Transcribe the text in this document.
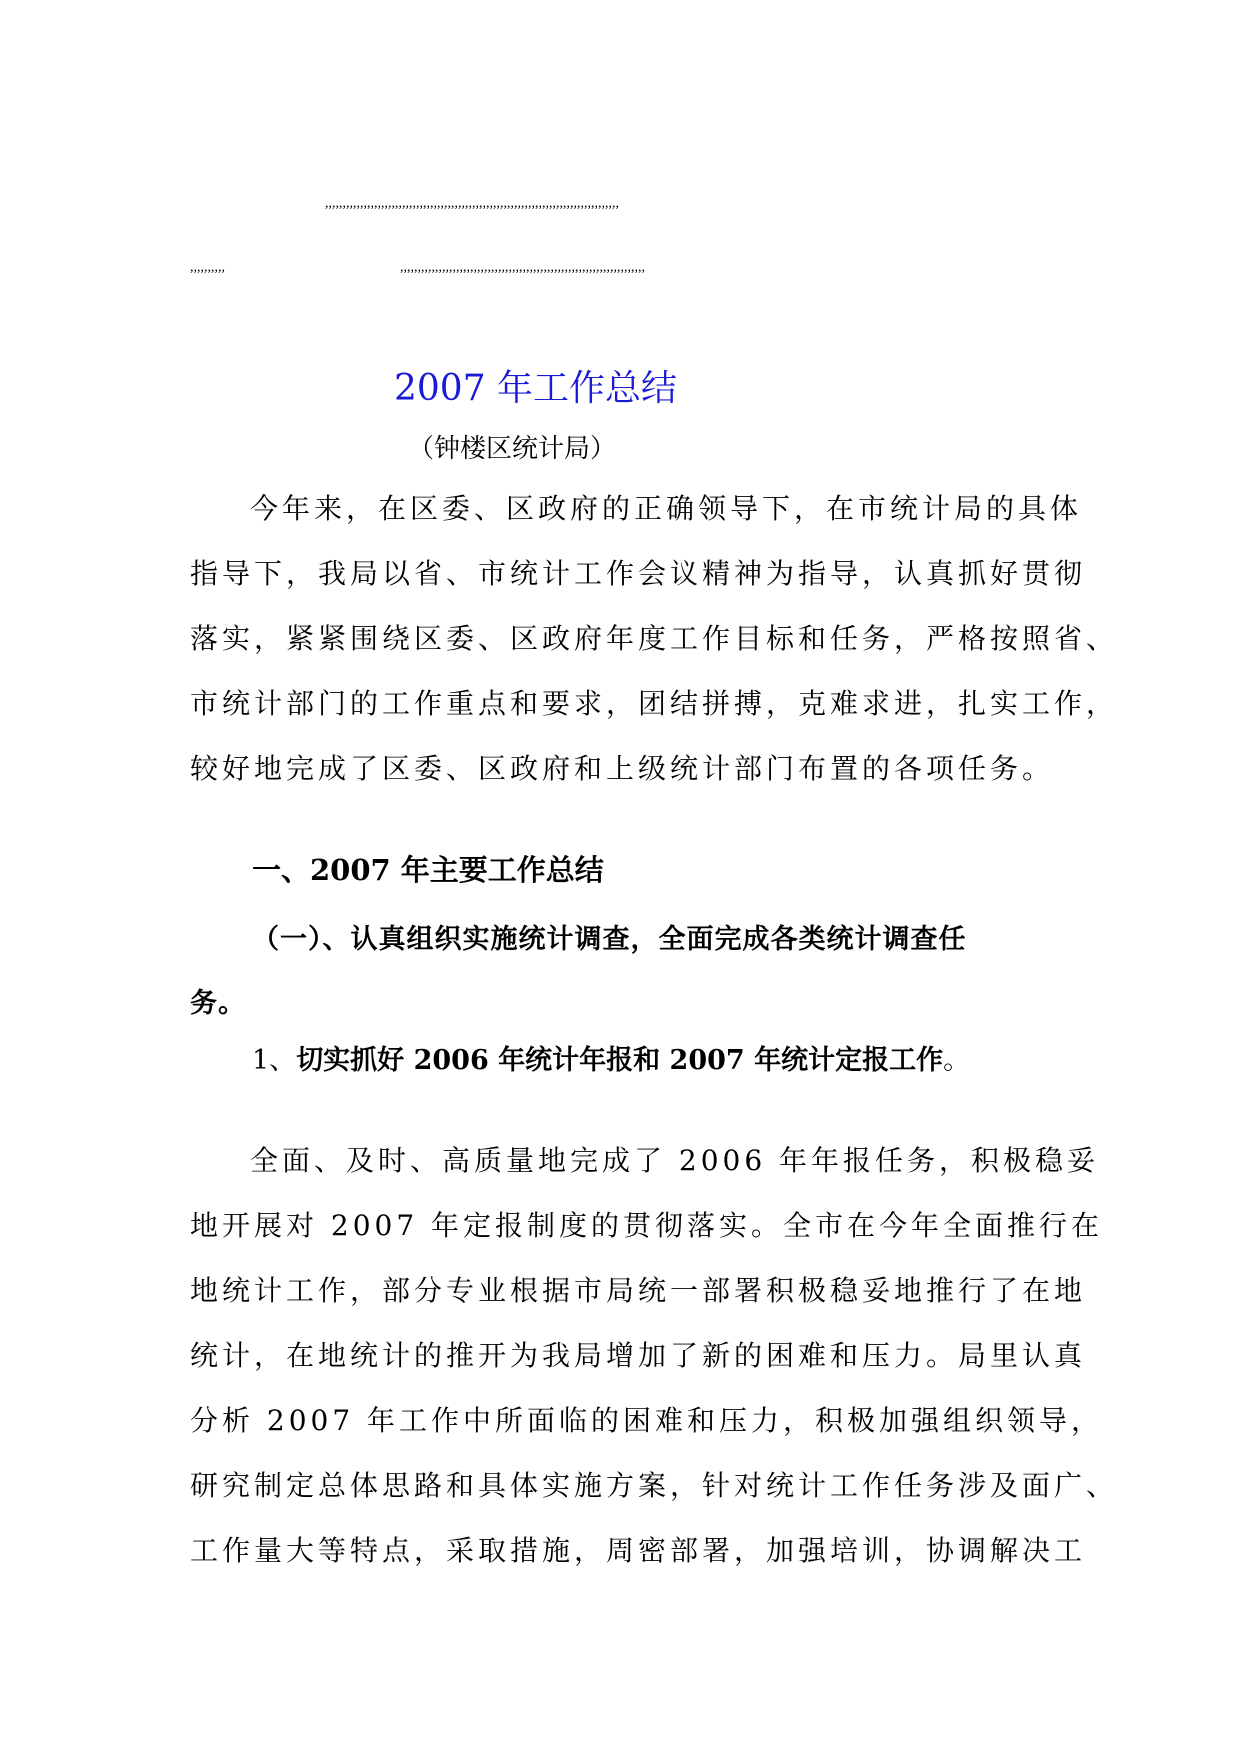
,,,,,,,,,,,,,,,,,,,,,,,,,,,,,,,,,,,,,,,,,,,,,,,,,,,,,,,,,,,,,,,,,,,,,,,,,,,,,,,,,,,,
,,,,,,,,,,	,,,,,,,,,,,,,,,,,,,,,,,,,,,,,,,,,,,,,,,,,,,,,,,,,,,,,,,,,,,,,,,,,,,,,,
2007 年工作总结
（钟楼区统计局）
今年来，在区委、区政府的正确领导下，在市统计局的具体
指导下，我局以省、市统计工作会议精神为指导，认真抓好贯彻
落实，紧紧围绕区委、区政府年度工作目标和任务，严格按照省、
市统计部门的工作重点和要求，团结拼搏，克难求进，扎实工作，
较好地完成了区委、区政府和上级统计部门布置的各项任务。
一、2007 年主要工作总结
（一）、认真组织实施统计调查，全面完成各类统计调查任
务。
1、切实抓好 2006 年统计年报和 2007 年统计定报工作。
全面、及时、高质量地完成了 2006 年年报任务，积极稳妥
地开展对 2007 年定报制度的贯彻落实。全市在今年全面推行在
地统计工作，部分专业根据市局统一部署积极稳妥地推行了在地
统计，在地统计的推开为我局增加了新的困难和压力。局里认真
分析 2007 年工作中所面临的困难和压力，积极加强组织领导，
研究制定总体思路和具体实施方案，针对统计工作任务涉及面广、
工作量大等特点，采取措施，周密部署，加强培训，协调解决工
